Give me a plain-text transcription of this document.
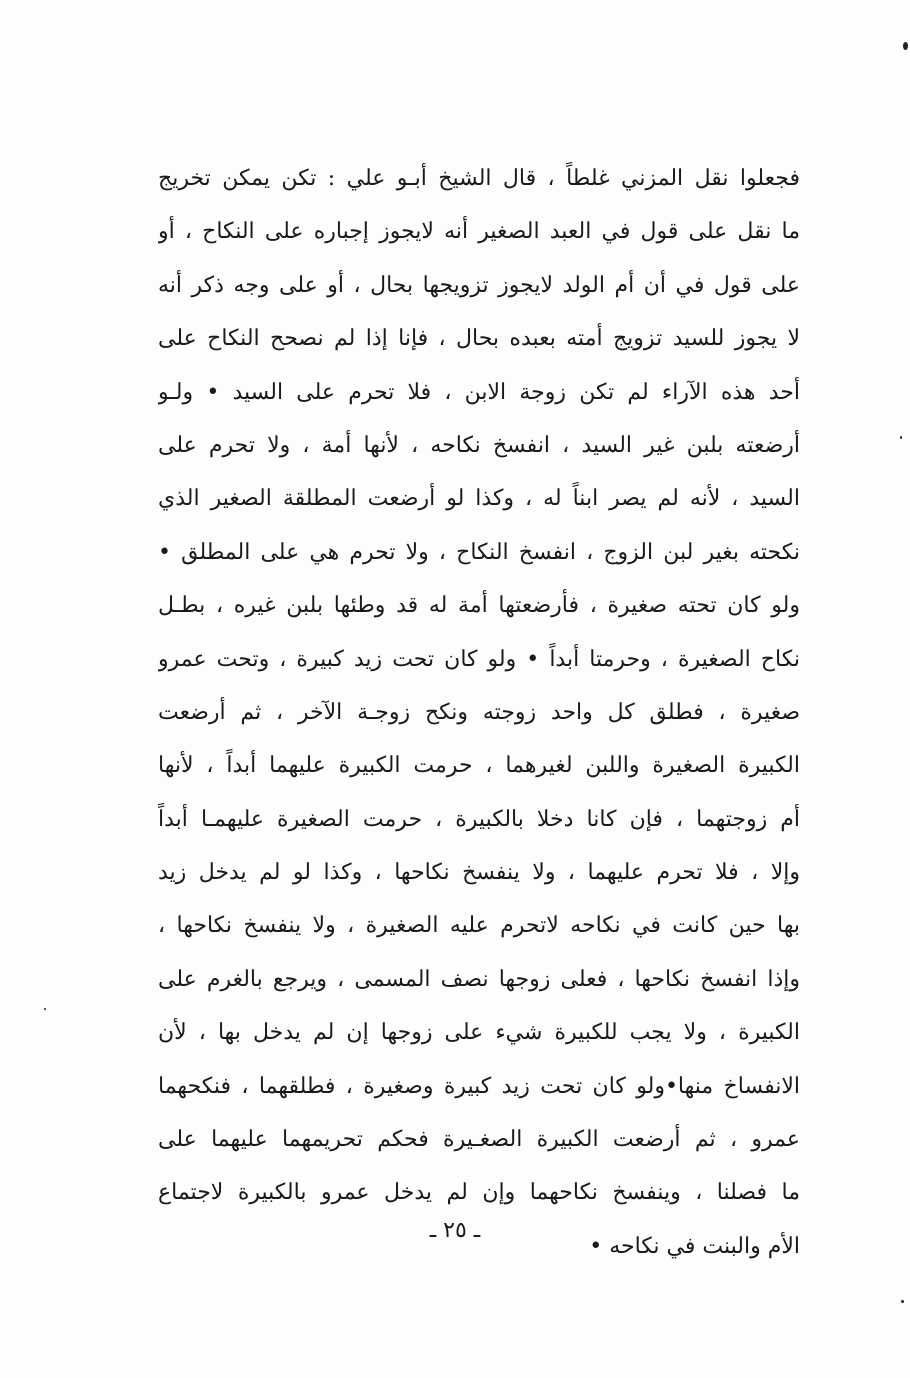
فجعلوا نقل المزني غلطاً ، قال الشيخ أبـو علي : تكن يمكن تخريج
ما نقل على قول في العبد الصغير أنه لايجوز إجباره على النكاح ، أو
على قول في أن أم الولد لايجوز تزويجها بحال ، أو على وجه ذكر أنه
لا يجوز للسيد تزويج أمته بعبده بحال ، فإنا إذا لم نصحح النكاح على
أحد هذه الآراء لم تكن زوجة الابن ، فلا تحرم على السيد • ولـو
أرضعته بلبن غير السيد ، انفسخ نكاحه ، لأنها أمة ، ولا تحرم على
السيد ، لأنه لم يصر ابناً له ، وكذا لو أرضعت المطلقة الصغير الذي
نكحته بغير لبن الزوج ، انفسخ النكاح ، ولا تحرم هي على المطلق •
ولو كان تحته صغيرة ، فأرضعتها أمة له قد وطئها بلبن غيره ، بطـل
نكاح الصغيرة ، وحرمتا أبداً • ولو كان تحت زيد كبيرة ، وتحت عمرو
صغيرة ، فطلق كل واحد زوجته ونكح زوجـة الآخر ، ثم أرضعت
الكبيرة الصغيرة واللبن لغيرهما ، حرمت الكبيرة عليهما أبداً ، لأنها
أم زوجتهما ، فإن كانا دخلا بالكبيرة ، حرمت الصغيرة عليهمـا أبداً
وإلا ، فلا تحرم عليهما ، ولا ينفسخ نكاحها ، وكذا لو لم يدخل زيد
بها حين كانت في نكاحه لاتحرم عليه الصغيرة ، ولا ينفسخ نكاحها ،
وإذا انفسخ نكاحها ، فعلى زوجها نصف المسمى ، ويرجع بالغرم على
الكبيرة ، ولا يجب للكبيرة شيء على زوجها إن لم يدخل بها ، لأن
الانفساخ منها•ولو كان تحت زيد كبيرة وصغيرة ، فطلقهما ، فنكحهما
عمرو ، ثم أرضعت الكبيرة الصغـيرة فحكم تحريمهما عليهما على
ما فصلنا ، وينفسخ نكاحهما وإن لم يدخل عمرو بالكبيرة لاجتماع
الأم والبنت في نكاحه •
ـ ٢٥ ـ
